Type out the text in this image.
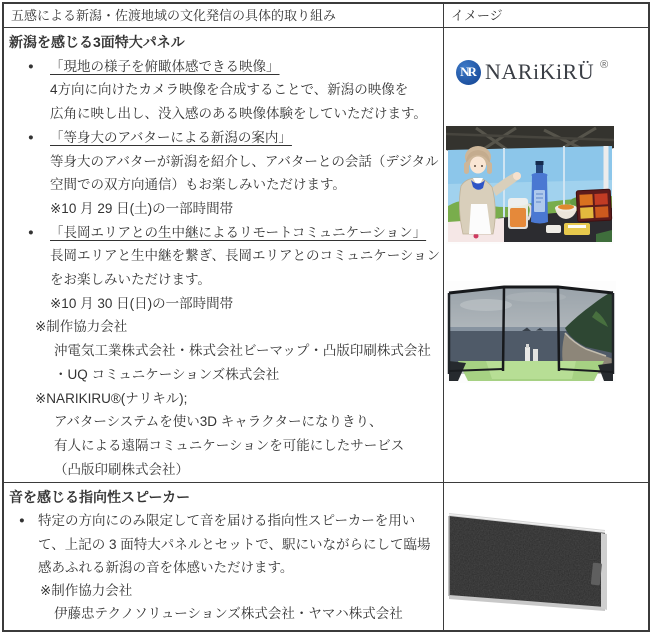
五感による新潟・佐渡地域の文化発信の具体的取り組み	イメージ
新潟を感じる3面特大パネル
● 「現地の様子を俯瞰体感できる映像」
4方向に向けたカメラ映像を合成することで、新潟の映像を
広角に映し出し、没入感のある映像体験をしていただけます。
● 「等身大のアバターによる新潟の案内」
等身大のアバターが新潟を紹介し、アバターとの会話（デジタル
空間での双方向通信）もお楽しみいただけます。
※10 月 29 日(土)の一部時間帯
● 「長岡エリアとの生中継によるリモートコミュニケーション」
長岡エリアと生中継を繋ぎ、長岡エリアとのコミュニケーション
をお楽しみいただけます。
※10 月 30 日(日)の一部時間帯
※制作協力会社
沖電気工業株式会社・株式会社ビーマップ・凸版印刷株式会社
・UQ コミュニケーションズ株式会社
※NARIKIRU®(ナリキル);
アバターシステムを使い3D キャラクターになりきり、
有人による遠隔コミュニケーションを可能にしたサービス
（凸版印刷株式会社）
NR NARiKiRÜ ®
音を感じる指向性スピーカー
● 特定の方向にのみ限定して音を届ける指向性スピーカーを用い
て、上記の 3 面特大パネルとセットで、駅にいながらにして臨場
感あふれる新潟の音を体感いただけます。
※制作協力会社
伊藤忠テクノソリューションズ株式会社・ヤマハ株式会社
